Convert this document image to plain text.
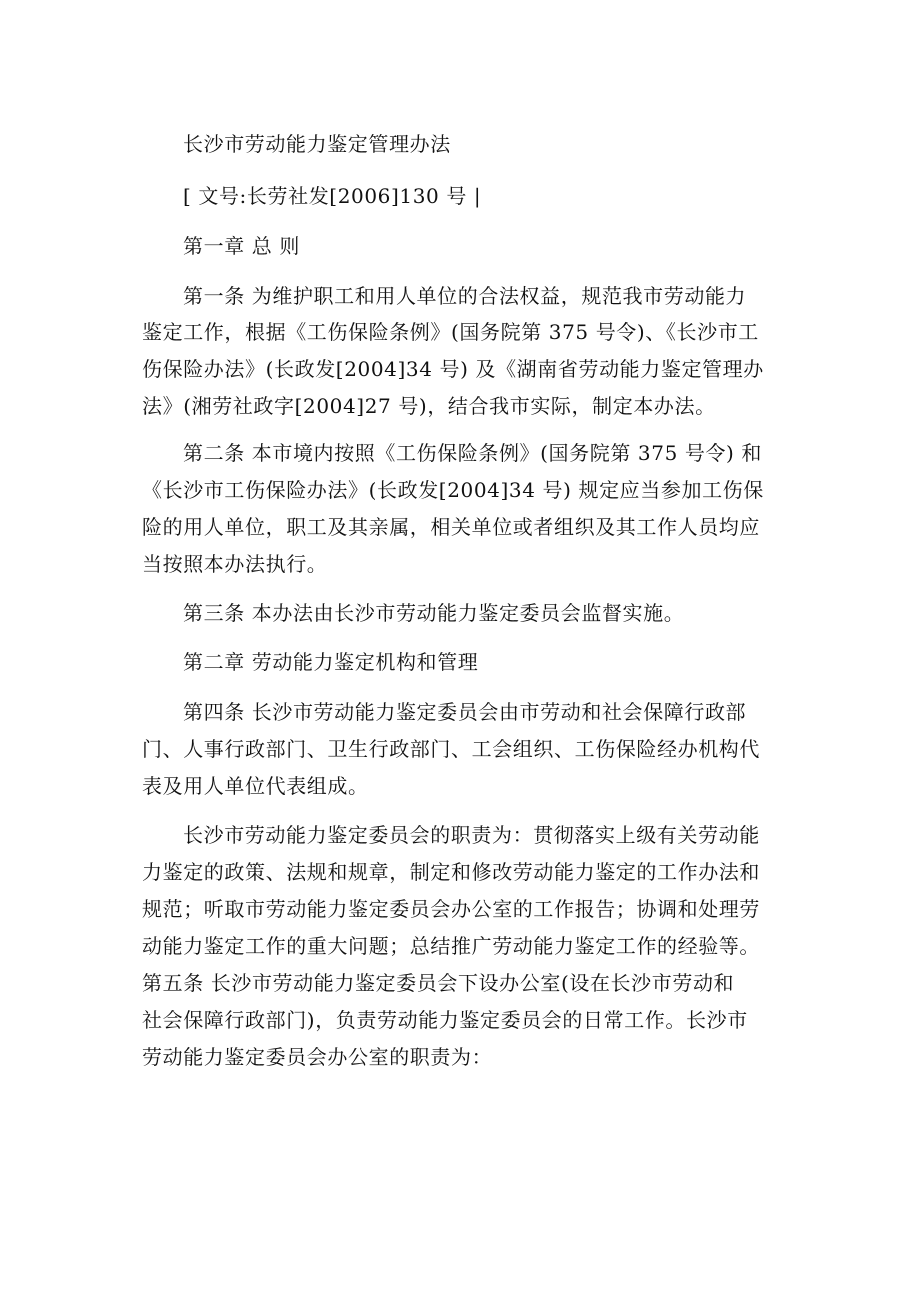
长沙市劳动能力鉴定管理办法
[ 文号:长劳社发[2006]130 号 |
第一章 总 则
第一条 为维护职工和用人单位的合法权益，规范我市劳动能力
鉴定工作，根据《工伤保险条例》(国务院第 375 号令)、《长沙市工
伤保险办法》(长政发[2004]34 号) 及《湖南省劳动能力鉴定管理办
法》(湘劳社政字[2004]27 号)，结合我市实际，制定本办法。
第二条 本市境内按照《工伤保险条例》(国务院第 375 号令) 和
《长沙市工伤保险办法》(长政发[2004]34 号) 规定应当参加工伤保
险的用人单位，职工及其亲属，相关单位或者组织及其工作人员均应
当按照本办法执行。
第三条 本办法由长沙市劳动能力鉴定委员会监督实施。
第二章 劳动能力鉴定机构和管理
第四条 长沙市劳动能力鉴定委员会由市劳动和社会保障行政部
门、人事行政部门、卫生行政部门、工会组织、工伤保险经办机构代
表及用人单位代表组成。
长沙市劳动能力鉴定委员会的职责为：贯彻落实上级有关劳动能
力鉴定的政策、法规和规章，制定和修改劳动能力鉴定的工作办法和
规范；听取市劳动能力鉴定委员会办公室的工作报告；协调和处理劳
动能力鉴定工作的重大问题；总结推广劳动能力鉴定工作的经验等。
第五条 长沙市劳动能力鉴定委员会下设办公室(设在长沙市劳动和
社会保障行政部门)，负责劳动能力鉴定委员会的日常工作。长沙市
劳动能力鉴定委员会办公室的职责为：
